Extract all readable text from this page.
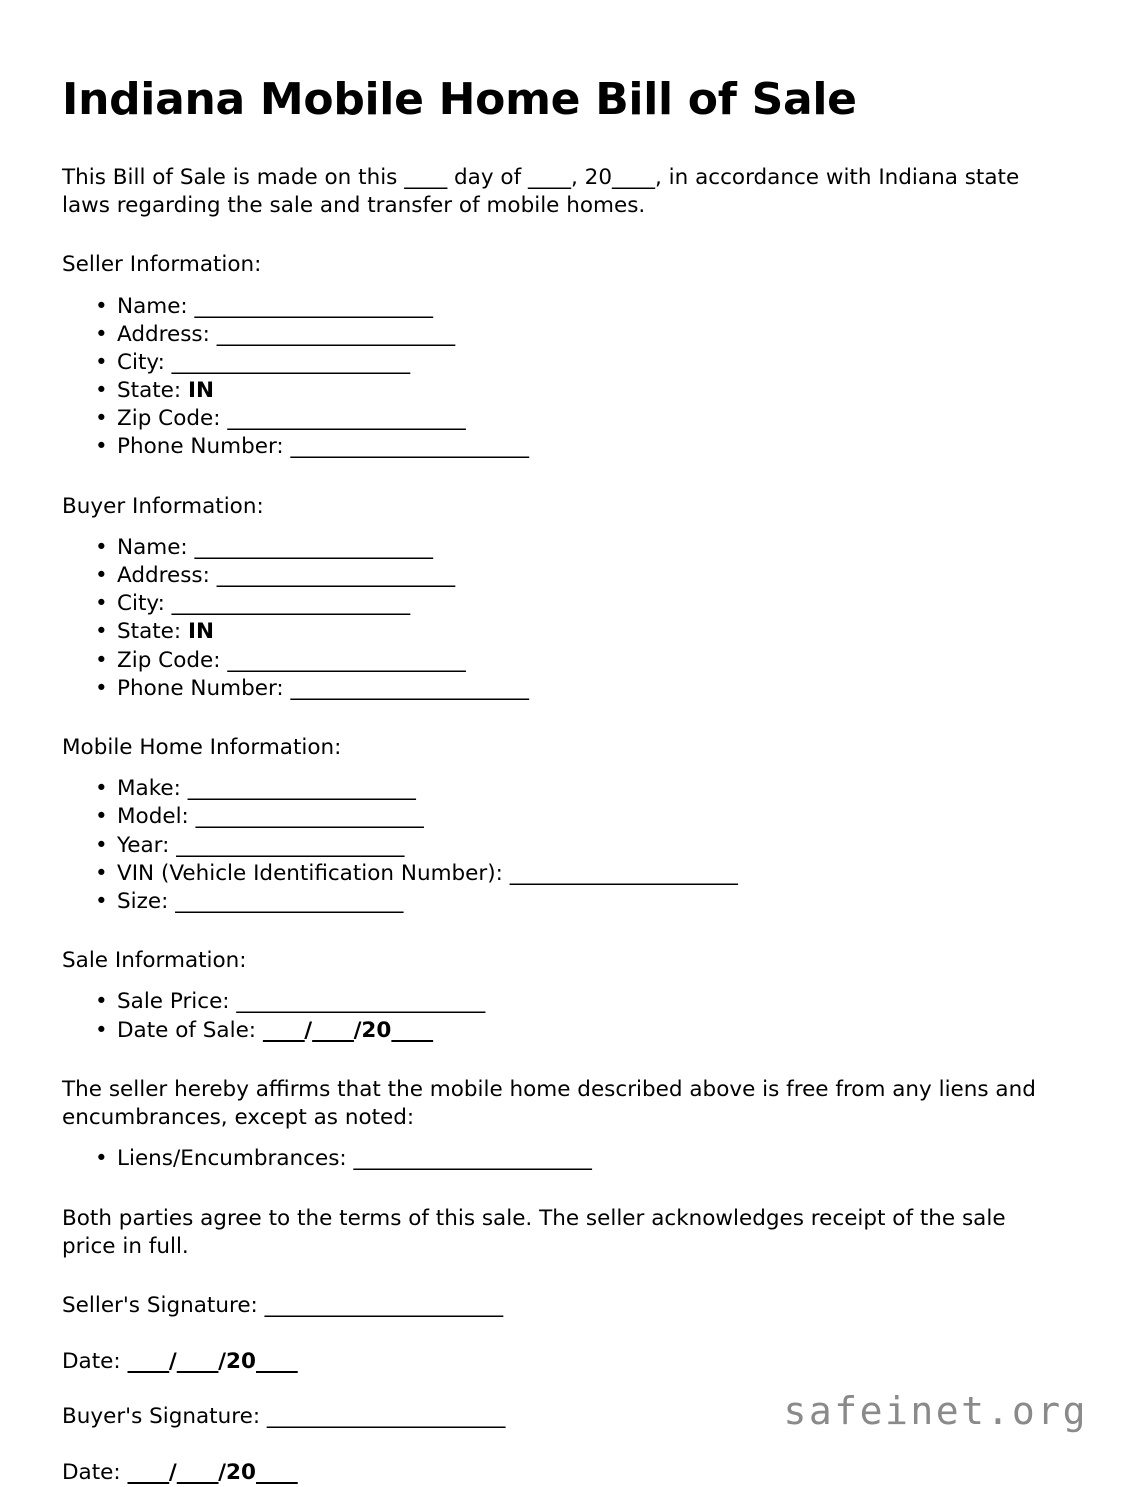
Indiana Mobile Home Bill of Sale

This Bill of Sale is made on this ____ day of ____, 20____, in accordance with Indiana state laws regarding the sale and transfer of mobile homes.

Seller Information:

• Name: _______________________
• Address: _______________________
• City: _______________________
• State: IN
• Zip Code: _______________________
• Phone Number: _______________________

Buyer Information:

• Name: _______________________
• Address: _______________________
• City: _______________________
• State: IN
• Zip Code: _______________________
• Phone Number: _______________________

Mobile Home Information:

• Make: ______________________
• Model: ______________________
• Year: ______________________
• VIN (Vehicle Identification Number): ______________________
• Size: ______________________

Sale Information:

• Sale Price: ________________________
• Date of Sale: ____/____/20____

The seller hereby affirms that the mobile home described above is free from any liens and encumbrances, except as noted:

• Liens/Encumbrances: _______________________

Both parties agree to the terms of this sale. The seller acknowledges receipt of the sale price in full.

Seller's Signature: _______________________

Date: ____/____/20____

Buyer's Signature: _______________________

Date: ____/____/20____

safeinet.org
